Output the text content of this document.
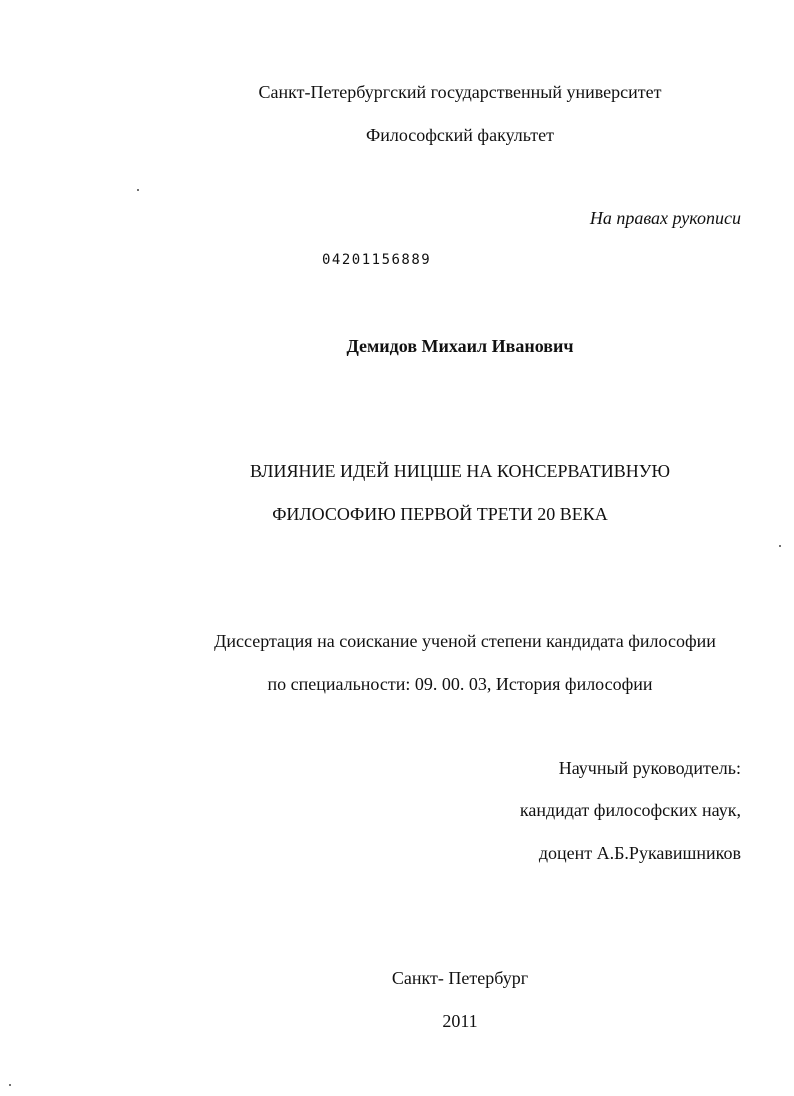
Санкт-Петербургский государственный университет
Философский факультет
На правах рукописи
04201156889
Демидов Михаил Иванович
ВЛИЯНИЕ ИДЕЙ НИЦШЕ НА КОНСЕРВАТИВНУЮ
ФИЛОСОФИЮ ПЕРВОЙ ТРЕТИ 20 ВЕКА
Диссертация на соискание ученой степени кандидата философии
по специальности: 09. 00. 03, История философии
Научный руководитель:
кандидат философских наук,
доцент А.Б.Рукавишников
Санкт- Петербург
2011
